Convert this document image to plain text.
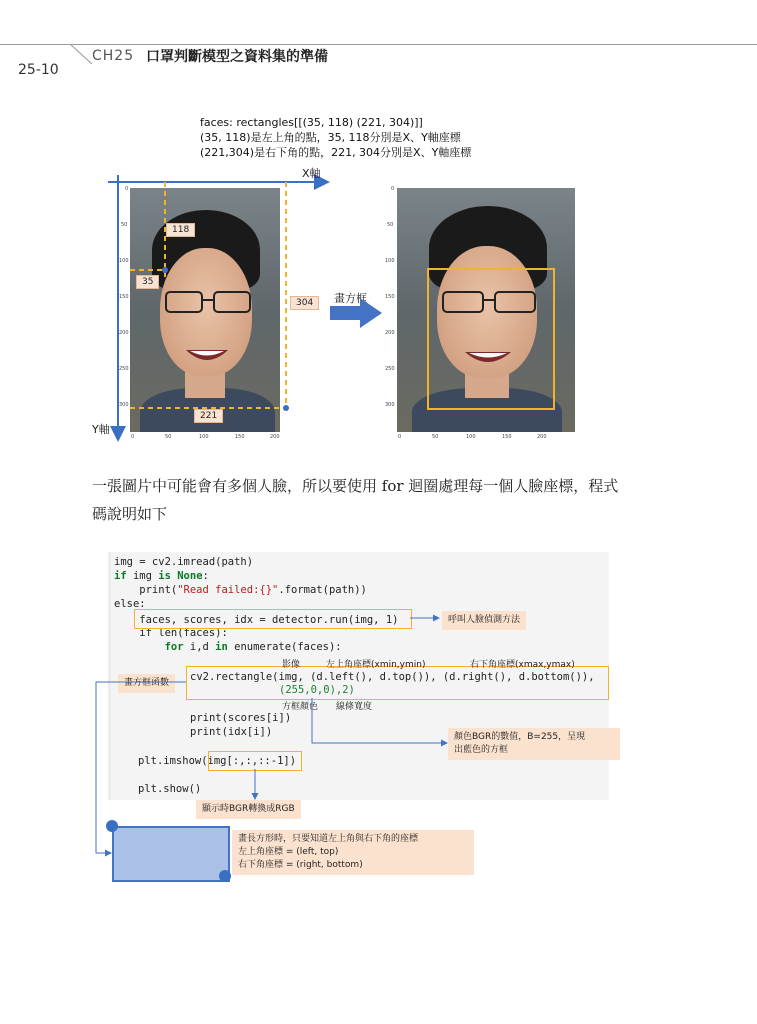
25-10
CH25 口罩判斷模型之資料集的準備
faces: rectangles[[(35, 118) (221, 304)]]
(35, 118)是左上角的點，35, 118分別是X、Y軸座標
(221,304)是右下角的點，221, 304分別是X、Y軸座標
0
50
100
150
200
250
300
0	50	100	150	200
X軸
Y軸
118
35
304
221
畫方框
0
50
100
150
200
250
300
0	50	100	150	200
一張圖片中可能會有多個人臉，所以要使用 for 迴圈處理每一個人臉座標，程式
碼說明如下
img = cv2.imread(path)
if img is None:
print("Read failed:{}".format(path))
else:
faces, scores, idx = detector.run(img, 1)
if len(faces):
for i,d in enumerate(faces):
cv2.rectangle(img, (d.left(), d.top()), (d.right(), d.bottom()),
(255,0,0),2)
print(scores[i])
print(idx[i])
plt.imshow(img[:,:,::-1])
plt.show()
影像	左上角座標(xmin,ymin)	右下角座標(xmax,ymax)
方框顏色 線條寬度
呼叫人臉偵測方法
畫方框函數
顏色BGR的數值，B=255，呈現
出藍色的方框
顯示時BGR轉換成RGB
畫長方形時，只要知道左上角與右下角的座標
左上角座標 = (left, top)
右下角座標 = (right, bottom)
